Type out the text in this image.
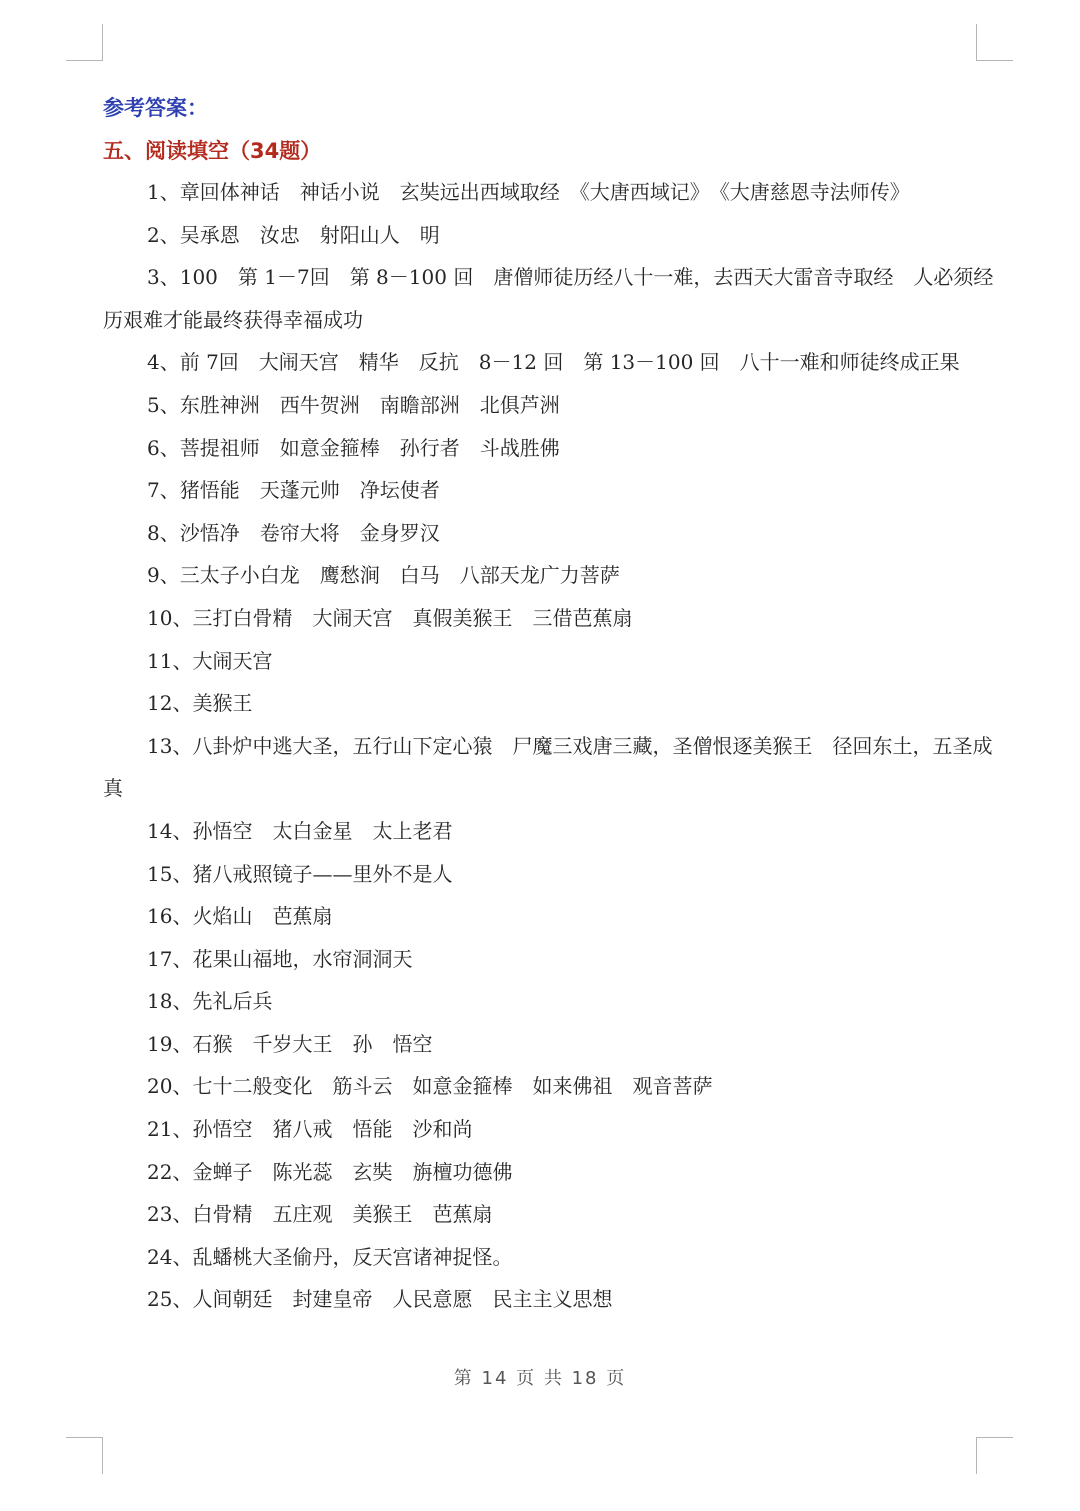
参考答案：
五、阅读填空（34题）

1、章回体神话　神话小说　玄奘远出西域取经　《大唐西域记》　《大唐慈恩寺法师传》

2、吴承恩　汝忠　射阳山人　明

3、100　第 1－7回　第 8－100 回　唐僧师徒历经八十一难，去西天大雷音寺取经　人必须经历艰难才能最终获得幸福成功

4、前 7回　大闹天宫　精华　反抗　8－12 回　第 13－100 回　八十一难和师徒终成正果

5、东胜神洲　西牛贺洲　南瞻部洲　北俱芦洲

6、菩提祖师　如意金箍棒　孙行者　斗战胜佛

7、猪悟能　天蓬元帅　净坛使者

8、沙悟净　卷帘大将　金身罗汉

9、三太子小白龙　鹰愁涧　白马　八部天龙广力菩萨

10、三打白骨精　大闹天宫　真假美猴王　三借芭蕉扇

11、大闹天宫

12、美猴王

13、八卦炉中逃大圣，五行山下定心猿　尸魔三戏唐三藏，圣僧恨逐美猴王　径回东土，五圣成真

14、孙悟空　太白金星　太上老君

15、猪八戒照镜子——里外不是人

16、火焰山　芭蕉扇

17、花果山福地，水帘洞洞天

18、先礼后兵

19、石猴　千岁大王　孙　悟空

20、七十二般变化　筋斗云　如意金箍棒　如来佛祖　观音菩萨

21、孙悟空　猪八戒　悟能　沙和尚

22、金蝉子　陈光蕊　玄奘　旃檀功德佛

23、白骨精　五庄观　美猴王　芭蕉扇

24、乱蟠桃大圣偷丹，反天宫诸神捉怪。

25、人间朝廷　封建皇帝　人民意愿　民主主义思想

第 14 页 共 18 页
